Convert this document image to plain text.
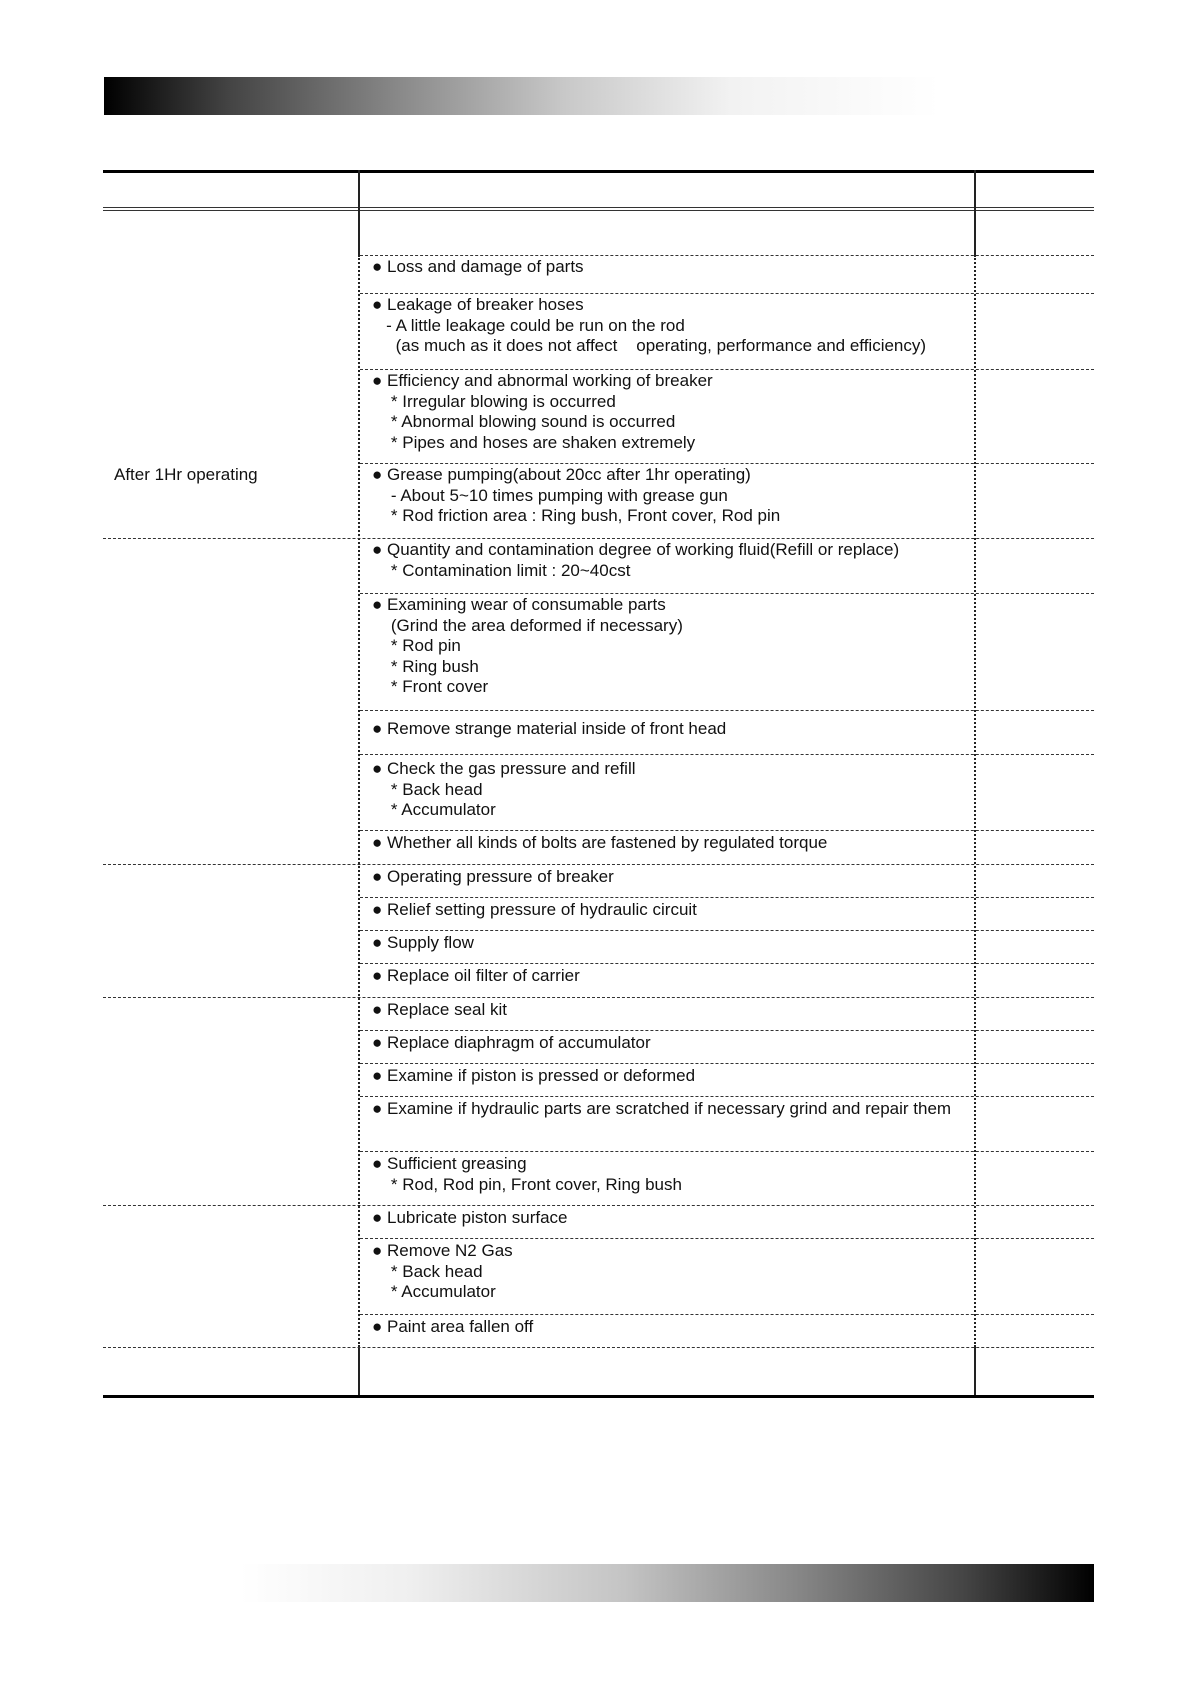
● Loss and damage of parts
● Leakage of breaker hoses
- A little leakage could be run on the rod
(as much as it does not affect    operating, performance and efficiency)
● Efficiency and abnormal working of breaker
* Irregular blowing is occurred
* Abnormal blowing sound is occurred
* Pipes and hoses are shaken extremely
● Grease pumping(about 20cc after 1hr operating)
- About 5~10 times pumping with grease gun
* Rod friction area : Ring bush, Front cover, Rod pin
● Quantity and contamination degree of working fluid(Refill or replace)
* Contamination limit : 20~40cst
● Examining wear of consumable parts
(Grind the area deformed if necessary)
* Rod pin
* Ring bush
* Front cover
● Remove strange material inside of front head
● Check the gas pressure and refill
* Back head
* Accumulator
● Whether all kinds of bolts are fastened by regulated torque
● Operating pressure of breaker
● Relief setting pressure of hydraulic circuit
● Supply flow
● Replace oil filter of carrier
● Replace seal kit
● Replace diaphragm of accumulator
● Examine if piston is pressed or deformed
● Examine if hydraulic parts are scratched if necessary grind and repair them
● Sufficient greasing
* Rod, Rod pin, Front cover, Ring bush
● Lubricate piston surface
● Remove N2 Gas
* Back head
* Accumulator
● Paint area fallen off
After 1Hr operating
